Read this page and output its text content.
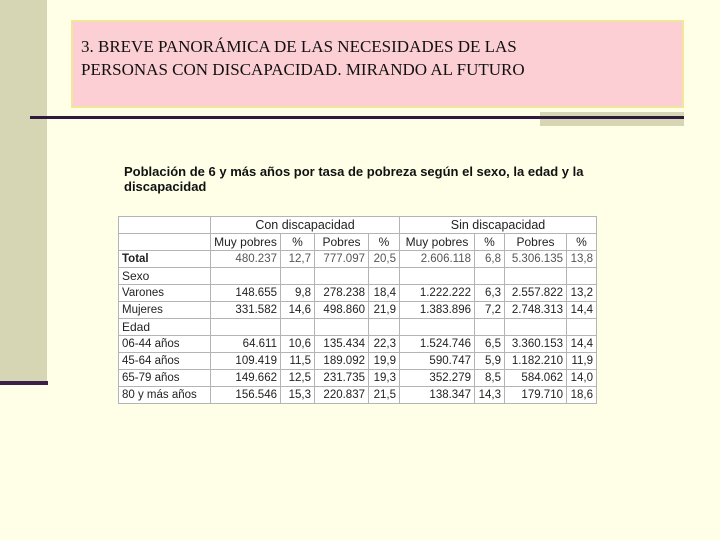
3. BREVE PANORÁMICA DE LAS NECESIDADES DE LAS
PERSONAS CON DISCAPACIDAD. MIRANDO AL FUTURO
Población de 6 y más años por tasa de pobreza según el sexo, la edad y la discapacidad
	Con discapacidad				Sin discapacidad			
	Muy pobres	%	Pobres	%	Muy pobres	%	Pobres	%
Total	480.237	12,7	777.097	20,5	2.606.118	6,8	5.306.135	13,8
Sexo								
Varones	148.655	9,8	278.238	18,4	1.222.222	6,3	2.557.822	13,2
Mujeres	331.582	14,6	498.860	21,9	1.383.896	7,2	2.748.313	14,4
Edad								
06-44 años	64.611	10,6	135.434	22,3	1.524.746	6,5	3.360.153	14,4
45-64 años	109.419	11,5	189.092	19,9	590.747	5,9	1.182.210	11,9
65-79 años	149.662	12,5	231.735	19,3	352.279	8,5	584.062	14,0
80 y más años	156.546	15,3	220.837	21,5	138.347	14,3	179.710	18,6
